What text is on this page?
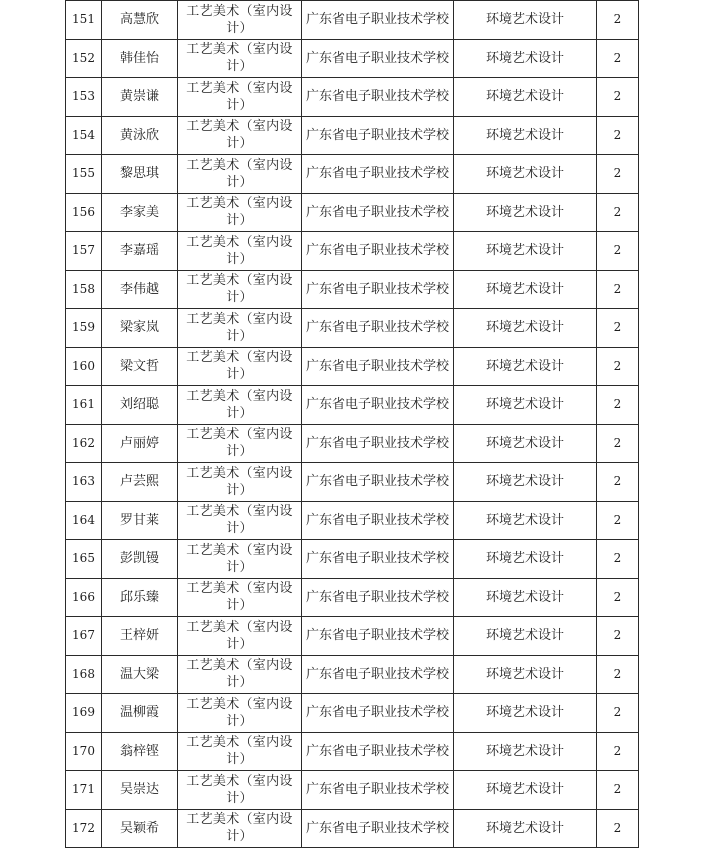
151	高慧欣	工艺美术（室内设计）	广东省电子职业技术学校	环境艺术设计	2
152	韩佳怡	工艺美术（室内设计）	广东省电子职业技术学校	环境艺术设计	2
153	黄崇谦	工艺美术（室内设计）	广东省电子职业技术学校	环境艺术设计	2
154	黄泳欣	工艺美术（室内设计）	广东省电子职业技术学校	环境艺术设计	2
155	黎思琪	工艺美术（室内设计）	广东省电子职业技术学校	环境艺术设计	2
156	李家美	工艺美术（室内设计）	广东省电子职业技术学校	环境艺术设计	2
157	李嘉瑶	工艺美术（室内设计）	广东省电子职业技术学校	环境艺术设计	2
158	李伟越	工艺美术（室内设计）	广东省电子职业技术学校	环境艺术设计	2
159	梁家岚	工艺美术（室内设计）	广东省电子职业技术学校	环境艺术设计	2
160	梁文哲	工艺美术（室内设计）	广东省电子职业技术学校	环境艺术设计	2
161	刘绍聪	工艺美术（室内设计）	广东省电子职业技术学校	环境艺术设计	2
162	卢丽婷	工艺美术（室内设计）	广东省电子职业技术学校	环境艺术设计	2
163	卢芸熙	工艺美术（室内设计）	广东省电子职业技术学校	环境艺术设计	2
164	罗甘莱	工艺美术（室内设计）	广东省电子职业技术学校	环境艺术设计	2
165	彭凯镘	工艺美术（室内设计）	广东省电子职业技术学校	环境艺术设计	2
166	邱乐臻	工艺美术（室内设计）	广东省电子职业技术学校	环境艺术设计	2
167	王梓妍	工艺美术（室内设计）	广东省电子职业技术学校	环境艺术设计	2
168	温大梁	工艺美术（室内设计）	广东省电子职业技术学校	环境艺术设计	2
169	温柳霞	工艺美术（室内设计）	广东省电子职业技术学校	环境艺术设计	2
170	翁梓铿	工艺美术（室内设计）	广东省电子职业技术学校	环境艺术设计	2
171	吴崇达	工艺美术（室内设计）	广东省电子职业技术学校	环境艺术设计	2
172	吴颖希	工艺美术（室内设计）	广东省电子职业技术学校	环境艺术设计	2
